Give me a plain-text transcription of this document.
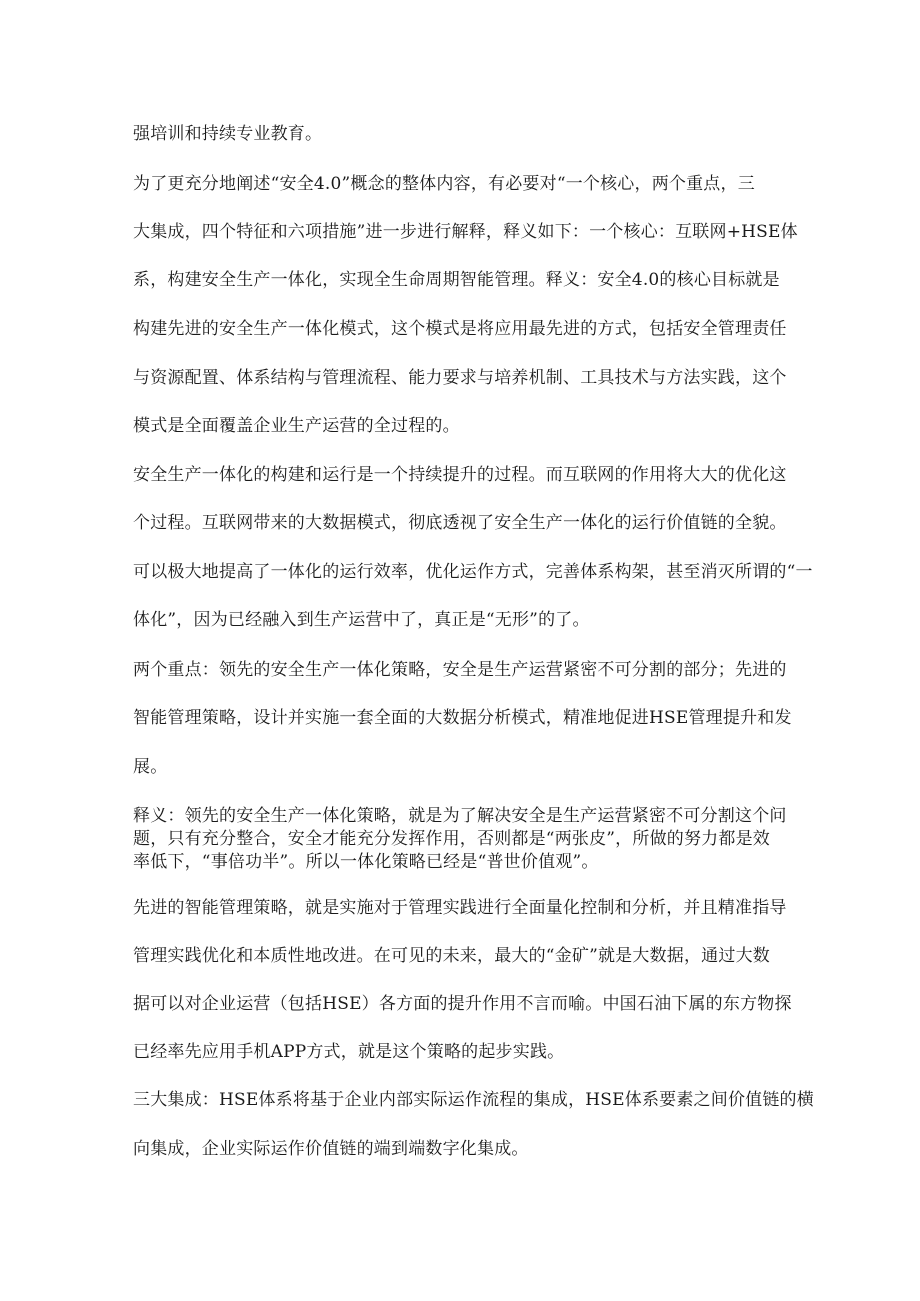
强培训和持续专业教育。
为了更充分地阐述“安全4.0”概念的整体内容，有必要对“一个核心，两个重点，三
大集成，四个特征和六项措施”进一步进行解释，释义如下：一个核心：互联网+HSE体
系，构建安全生产一体化，实现全生命周期智能管理。释义：安全4.0的核心目标就是
构建先进的安全生产一体化模式，这个模式是将应用最先进的方式，包括安全管理责任
与资源配置、体系结构与管理流程、能力要求与培养机制、工具技术与方法实践，这个
模式是全面覆盖企业生产运营的全过程的。
安全生产一体化的构建和运行是一个持续提升的过程。而互联网的作用将大大的优化这
个过程。互联网带来的大数据模式，彻底透视了安全生产一体化的运行价值链的全貌。
可以极大地提高了一体化的运行效率，优化运作方式，完善体系构架，甚至消灭所谓的“一
体化”，因为已经融入到生产运营中了，真正是“无形”的了。
两个重点：领先的安全生产一体化策略，安全是生产运营紧密不可分割的部分；先进的
智能管理策略，设计并实施一套全面的大数据分析模式，精准地促进HSE管理提升和发
展。
释义：领先的安全生产一体化策略，就是为了解决安全是生产运营紧密不可分割这个问
题，只有充分整合，安全才能充分发挥作用，否则都是“两张皮”，所做的努力都是效
率低下，“事倍功半”。所以一体化策略已经是“普世价值观”。
先进的智能管理策略，就是实施对于管理实践进行全面量化控制和分析，并且精准指导
管理实践优化和本质性地改进。在可见的未来，最大的“金矿”就是大数据，通过大数
据可以对企业运营（包括HSE）各方面的提升作用不言而喻。中国石油下属的东方物探
已经率先应用手机APP方式，就是这个策略的起步实践。
三大集成：HSE体系将基于企业内部实际运作流程的集成，HSE体系要素之间价值链的横
向集成，企业实际运作价值链的端到端数字化集成。
